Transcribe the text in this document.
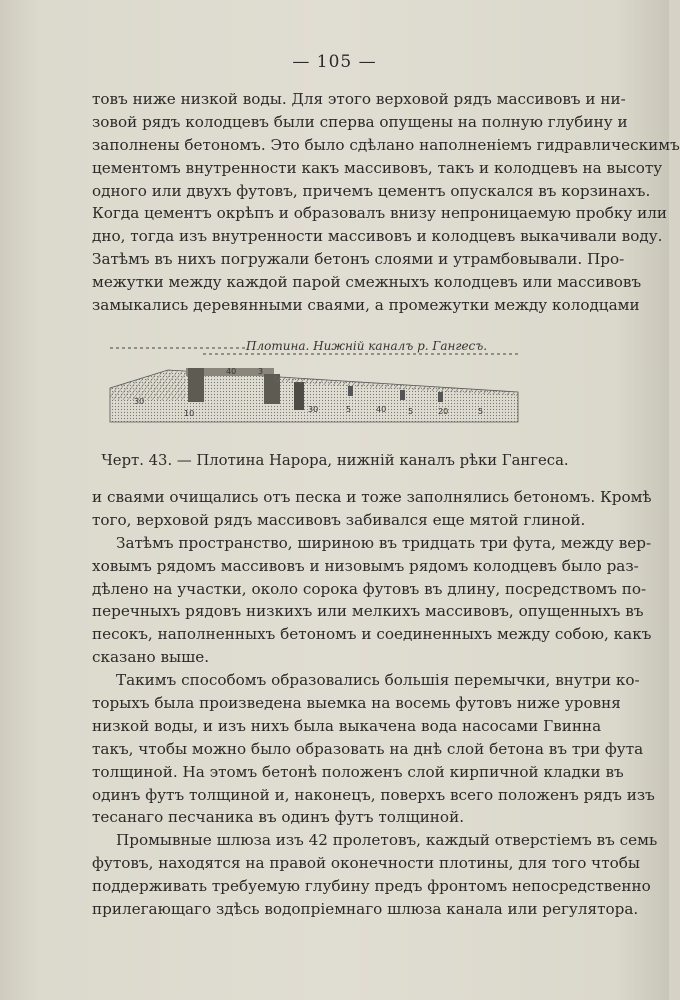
— 105 —
товъ ниже низкой воды. Для этого верховой рядъ массивовъ и ни-
зовой рядъ колодцевъ были сперва опущены на полную глубину и
заполнены бетономъ. Это было сдѣлано наполненіемъ гидравлическимъ
цементомъ внутренности какъ массивовъ, такъ и колодцевъ на высоту
одного или двухъ футовъ, причемъ цементъ опускался въ корзинахъ.
Когда цементъ окрѣпъ и образовалъ внизу непроницаемую пробку или
дно, тогда изъ внутренности массивовъ и колодцевъ выкачивали воду.
Затѣмъ въ нихъ погружали бетонъ слоями и утрамбовывали. Про-
межутки между каждой парой смежныхъ колодцевъ или массивовъ
замыкались деревянными сваями, а промежутки между колодцами
Плотина. Нижній каналъ р. Гангесъ.
30
40	3
10	30	5	40	5	20	5
Черт. 43. — Плотина Нарора, нижній каналъ рѣки Гангеса.
и сваями очищались отъ песка и тоже заполнялись бетономъ. Кромѣ
того, верховой рядъ массивовъ забивался еще мятой глиной.
Затѣмъ пространство, шириною въ тридцать три фута, между вер-
ховымъ рядомъ массивовъ и низовымъ рядомъ колодцевъ было раз-
дѣлено на участки, около сорока футовъ въ длину, посредствомъ по-
перечныхъ рядовъ низкихъ или мелкихъ массивовъ, опущенныхъ въ
песокъ, наполненныхъ бетономъ и соединенныхъ между собою, какъ
сказано выше.
Такимъ способомъ образовались большія перемычки, внутри ко-
торыхъ была произведена выемка на восемь футовъ ниже уровня
низкой воды, и изъ нихъ была выкачена вода насосами Гвинна
такъ, чтобы можно было образовать на днѣ слой бетона въ три фута
толщиной. На этомъ бетонѣ положенъ слой кирпичной кладки въ
одинъ футъ толщиной и, наконецъ, поверхъ всего положенъ рядъ изъ
тесанаго песчаника въ одинъ футъ толщиной.
Промывные шлюза изъ 42 пролетовъ, каждый отверстіемъ въ семь
футовъ, находятся на правой оконечности плотины, для того чтобы
поддерживать требуемую глубину предъ фронтомъ непосредственно
прилегающаго здѣсь водопріемнаго шлюза канала или регулятора.
